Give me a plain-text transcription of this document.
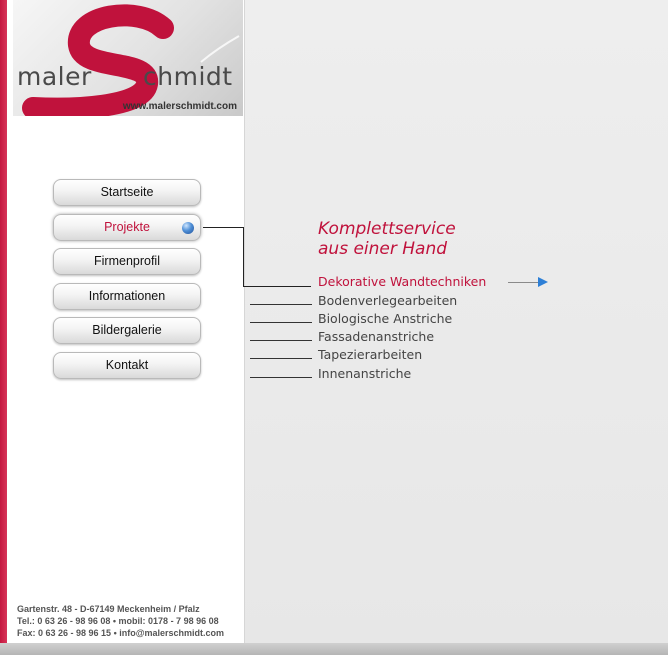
maler chmidt
www.malerschmidt.com
Startseite
Projekte
Firmenprofil
Informationen
Bildergalerie
Kontakt
Komplettservice
aus einer Hand
Dekorative Wandtechniken
Bodenverlegearbeiten
Biologische Anstriche
Fassadenanstriche
Tapezierarbeiten
Innenanstriche
Gartenstr. 48 - D-67149 Meckenheim / Pfalz
Tel.: 0 63 26 - 98 96 08 • mobil: 0178 - 7 98 96 08
Fax: 0 63 26 - 98 96 15 • info@malerschmidt.com
